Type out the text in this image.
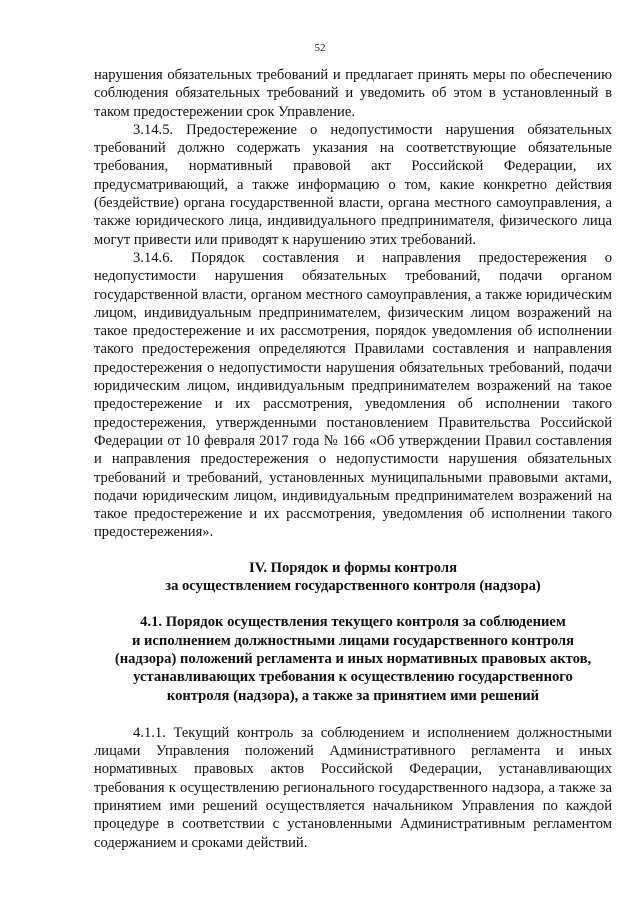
52

нарушения обязательных требований и предлагает принять меры по обеспечению соблюдения обязательных требований и уведомить об этом в установленный в таком предостережении срок Управление.

3.14.5. Предостережение о недопустимости нарушения обязательных требований должно содержать указания на соответствующие обязательные требования, нормативный правовой акт Российской Федерации, их предусматривающий, а также информацию о том, какие конкретно действия (бездействие) органа государственной власти, органа местного самоуправления, а также юридического лица, индивидуального предпринимателя, физического лица могут привести или приводят к нарушению этих требований.

3.14.6. Порядок составления и направления предостережения о недопустимости нарушения обязательных требований, подачи органом государственной власти, органом местного самоуправления, а также юридическим лицом, индивидуальным предпринимателем, физическим лицом возражений на такое предостережение и их рассмотрения, порядок уведомления об исполнении такого предостережения определяются Правилами составления и направления предостережения о недопустимости нарушения обязательных требований, подачи юридическим лицом, индивидуальным предпринимателем возражений на такое предостережение и их рассмотрения, уведомления об исполнении такого предостережения, утвержденными постановлением Правительства Российской Федерации от 10 февраля 2017 года № 166 «Об утверждении Правил составления и направления предостережения о недопустимости нарушения обязательных требований и требований, установленных муниципальными правовыми актами, подачи юридическим лицом, индивидуальным предпринимателем возражений на такое предостережение и их рассмотрения, уведомления об исполнении такого предостережения».

IV. Порядок и формы контроля
за осуществлением государственного контроля (надзора)
4.1. Порядок осуществления текущего контроля за соблюдением
и исполнением должностными лицами государственного контроля
(надзора) положений регламента и иных нормативных правовых актов,
устанавливающих требования к осуществлению государственного
контроля (надзора), а также за принятием ими решений

4.1.1. Текущий контроль за соблюдением и исполнением должностными лицами Управления положений Административного регламента и иных нормативных правовых актов Российской Федерации, устанавливающих требования к осуществлению регионального государственного надзора, а также за принятием ими решений осуществляется начальником Управления по каждой процедуре в соответствии с установленными Административным регламентом содержанием и сроками действий.
